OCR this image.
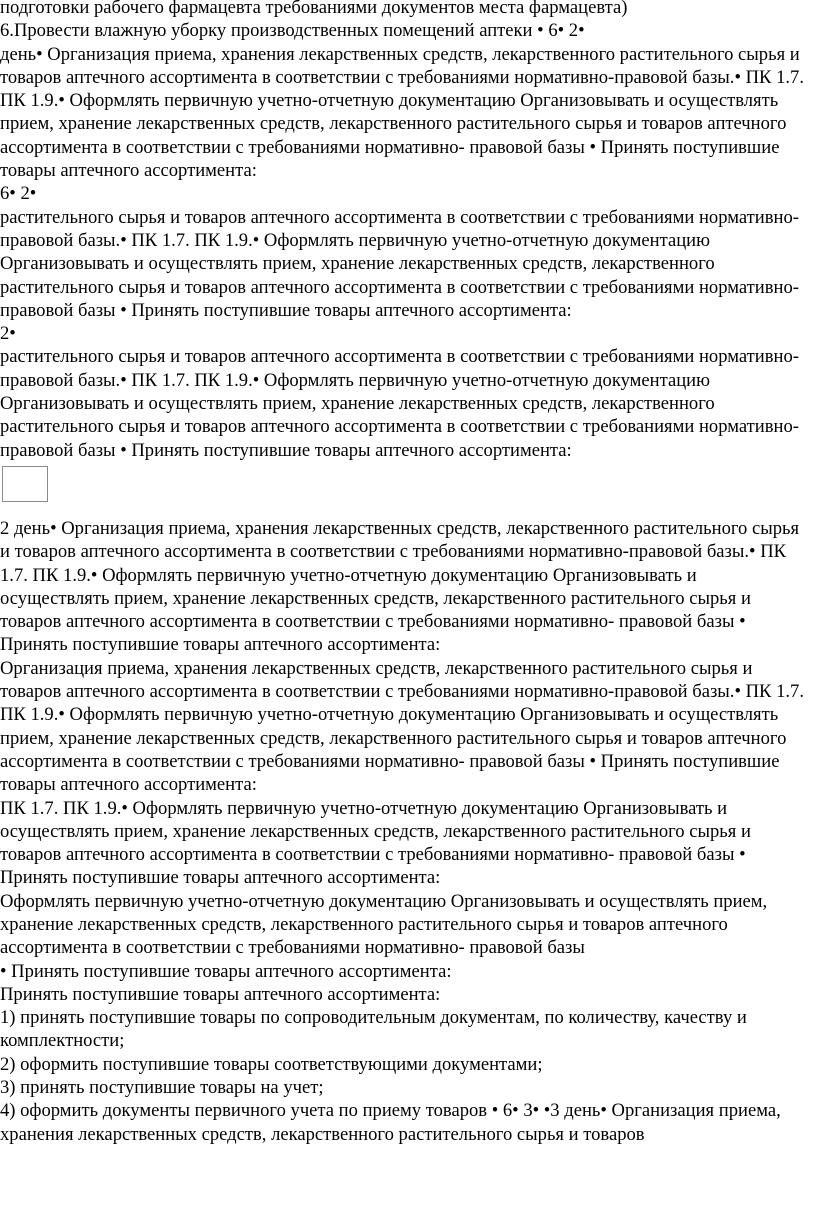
подготовки рабочего фармацевта требованиями документов места фармацевта)

6.Провести влажную уборку производственных помещений аптеки • 6• 2•

день• Организация приема, хранения лекарственных средств, лекарственного растительного сырья и товаров аптечного ассортимента в соответствии с требованиями нормативно-правовой базы.• ПК 1.7. ПК 1.9.• Оформлять первичную учетно-отчетную документацию Организовывать и осуществлять прием, хранение лекарственных средств, лекарственного растительного сырья и товаров аптечного ассортимента в соответствии с требованиями нормативно- правовой базы • Принять поступившие товары аптечного ассортимента:

6• 2•

растительного сырья и товаров аптечного ассортимента в соответствии с требованиями нормативно-правовой базы.• ПК 1.7. ПК 1.9.• Оформлять первичную учетно-отчетную документацию Организовывать и осуществлять прием, хранение лекарственных средств, лекарственного растительного сырья и товаров аптечного ассортимента в соответствии с требованиями нормативно- правовой базы • Принять поступившие товары аптечного ассортимента:

2•

растительного сырья и товаров аптечного ассортимента в соответствии с требованиями нормативно-правовой базы.• ПК 1.7. ПК 1.9.• Оформлять первичную учетно-отчетную документацию Организовывать и осуществлять прием, хранение лекарственных средств, лекарственного растительного сырья и товаров аптечного ассортимента в соответствии с требованиями нормативно- правовой базы • Принять поступившие товары аптечного ассортимента:

2 день• Организация приема, хранения лекарственных средств, лекарственного растительного сырья и товаров аптечного ассортимента в соответствии с требованиями нормативно-правовой базы.• ПК 1.7. ПК 1.9.• Оформлять первичную учетно-отчетную документацию Организовывать и осуществлять прием, хранение лекарственных средств, лекарственного растительного сырья и товаров аптечного ассортимента в соответствии с требованиями нормативно- правовой базы • Принять поступившие товары аптечного ассортимента:

Организация приема, хранения лекарственных средств, лекарственного растительного сырья и товаров аптечного ассортимента в соответствии с требованиями нормативно-правовой базы.• ПК 1.7. ПК 1.9.• Оформлять первичную учетно-отчетную документацию Организовывать и осуществлять прием, хранение лекарственных средств, лекарственного растительного сырья и товаров аптечного ассортимента в соответствии с требованиями нормативно- правовой базы • Принять поступившие товары аптечного ассортимента:

ПК 1.7. ПК 1.9.• Оформлять первичную учетно-отчетную документацию Организовывать и осуществлять прием, хранение лекарственных средств, лекарственного растительного сырья и товаров аптечного ассортимента в соответствии с требованиями нормативно- правовой базы • Принять поступившие товары аптечного ассортимента:

Оформлять первичную учетно-отчетную документацию Организовывать и осуществлять прием, хранение лекарственных средств, лекарственного растительного сырья и товаров аптечного ассортимента в соответствии с требованиями нормативно- правовой базы

• Принять поступившие товары аптечного ассортимента:

Принять поступившие товары аптечного ассортимента:

1) принять поступившие товары по сопроводительным документам, по количеству, качеству и комплектности;

2) оформить поступившие товары соответствующими документами;

3) принять поступившие товары на учет;

4) оформить документы первичного учета по приему товаров • 6• 3• •3 день• Организация приема, хранения лекарственных средств, лекарственного растительного сырья и товаров
